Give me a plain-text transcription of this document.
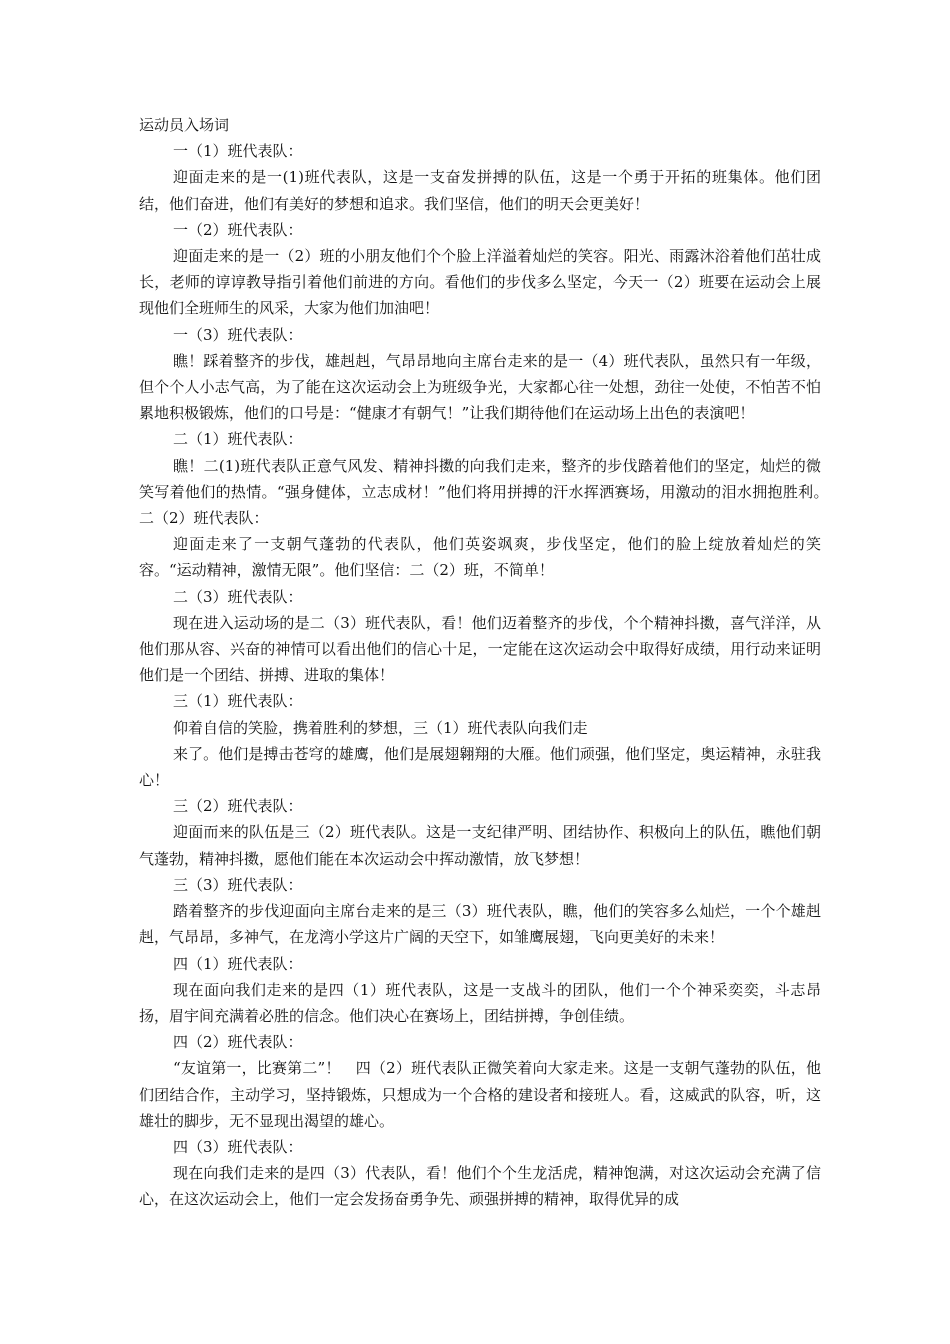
运动员入场词

一（1）班代表队：

迎面走来的是一(1)班代表队，这是一支奋发拼搏的队伍，这是一个勇于开拓的班集体。他们团结，他们奋进，他们有美好的梦想和追求。我们坚信，他们的明天会更美好！

一（2）班代表队：

迎面走来的是一（2）班的小朋友他们个个脸上洋溢着灿烂的笑容。阳光、雨露沐浴着他们茁壮成长，老师的谆谆教导指引着他们前进的方向。看他们的步伐多么坚定，今天一（2）班要在运动会上展现他们全班师生的风采，大家为他们加油吧！

一（3）班代表队：

瞧！踩着整齐的步伐，雄赳赳，气昂昂地向主席台走来的是一（4）班代表队，虽然只有一年级，但个个人小志气高，为了能在这次运动会上为班级争光，大家都心往一处想，劲往一处使，不怕苦不怕累地积极锻炼，他们的口号是：“健康才有朝气！”让我们期待他们在运动场上出色的表演吧！

二（1）班代表队：

瞧！二(1)班代表队正意气风发、精神抖擞的向我们走来，整齐的步伐踏着他们的坚定，灿烂的微笑写着他们的热情。“强身健体，立志成材！”他们将用拼搏的汗水挥洒赛场，用激动的泪水拥抱胜利。　二（2）班代表队：

迎面走来了一支朝气蓬勃的代表队，他们英姿飒爽，步伐坚定，他们的脸上绽放着灿烂的笑容。“运动精神，激情无限”。他们坚信：二（2）班，不简单！

二（3）班代表队：

现在进入运动场的是二（3）班代表队，看！他们迈着整齐的步伐，个个精神抖擞，喜气洋洋，从他们那从容、兴奋的神情可以看出他们的信心十足，一定能在这次运动会中取得好成绩，用行动来证明他们是一个团结、拼搏、进取的集体！

三（1）班代表队：

仰着自信的笑脸，携着胜利的梦想，三（1）班代表队向我们走

来了。他们是搏击苍穹的雄鹰，他们是展翅翱翔的大雁。他们顽强，他们坚定，奥运精神，永驻我心！

三（2）班代表队：

迎面而来的队伍是三（2）班代表队。这是一支纪律严明、团结协作、积极向上的队伍，瞧他们朝气蓬勃，精神抖擞，愿他们能在本次运动会中挥动激情，放飞梦想！

三（3）班代表队：

踏着整齐的步伐迎面向主席台走来的是三（3）班代表队，瞧，他们的笑容多么灿烂，一个个雄赳赳，气昂昂，多神气，在龙湾小学这片广阔的天空下，如雏鹰展翅，飞向更美好的未来！

四（1）班代表队：

现在面向我们走来的是四（1）班代表队，这是一支战斗的团队，他们一个个神采奕奕，斗志昂扬，眉宇间充满着必胜的信念。他们决心在赛场上，团结拼搏，争创佳绩。

四（2）班代表队：

“友谊第一，比赛第二”！　四（2）班代表队正微笑着向大家走来。这是一支朝气蓬勃的队伍，他们团结合作，主动学习，坚持锻炼，只想成为一个合格的建设者和接班人。看，这威武的队容，听，这雄壮的脚步，无不显现出渴望的雄心。

四（3）班代表队：

现在向我们走来的是四（3）代表队，看！他们个个生龙活虎，精神饱满，对这次运动会充满了信心，在这次运动会上，他们一定会发扬奋勇争先、顽强拼搏的精神，取得优异的成
